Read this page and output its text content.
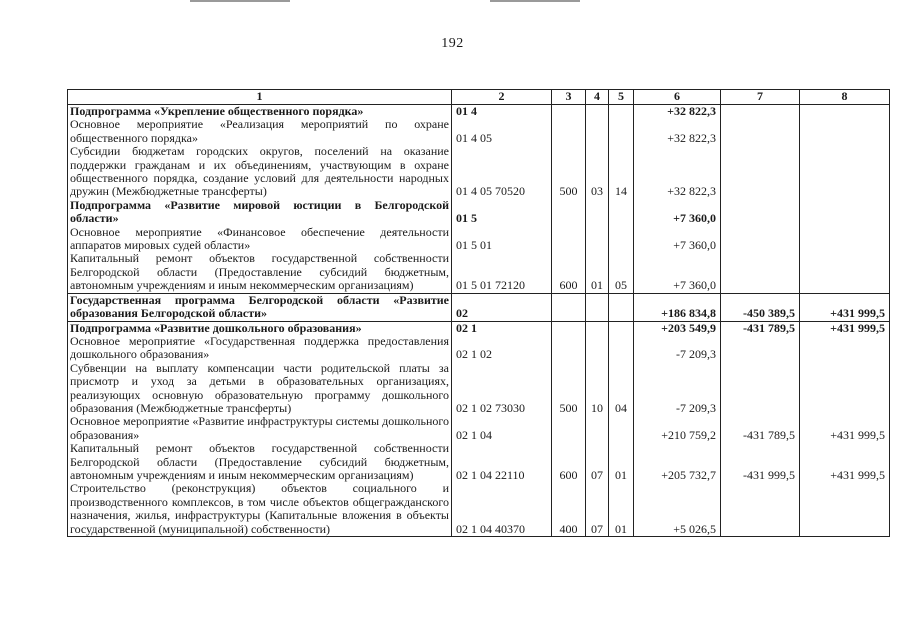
192
1	2	3	4	5	6	7	8
Подпрограмма «Укрепление общественного порядка»	01 4				+32 822,3		
Основное мероприятие «Реализация мероприятий по охране общественного порядка»	01 4 05				+32 822,3		
Субсидии бюджетам городских округов, поселений на оказание поддержки гражданам и их объединениям, участвующим в охране общественного порядка, создание условий для деятельности народных дружин (Межбюджетные трансферты)	01 4 05 70520	500	03	14	+32 822,3		
Подпрограмма «Развитие мировой юстиции в Белгородской области»	01 5				+7 360,0		
Основное мероприятие «Финансовое обеспечение деятельности аппаратов мировых судей области»	01 5 01				+7 360,0		
Капитальный ремонт объектов государственной собственности Белгородской области (Предоставление субсидий бюджетным, автономным учреждениям и иным некоммерческим организациям)	01 5 01 72120	600	01	05	+7 360,0		
Государственная программа Белгородской области «Развитие образования Белгородской области»	02				+186 834,8	-450 389,5	+431 999,5
Подпрограмма «Развитие дошкольного образования»	02 1				+203 549,9	-431 789,5	+431 999,5
Основное мероприятие «Государственная поддержка предоставления дошкольного образования»	02 1 02				-7 209,3		
Субвенции на выплату компенсации части родительской платы за присмотр и уход за детьми в образовательных организациях, реализующих основную образовательную программу дошкольного образования (Межбюджетные трансферты)	02 1 02 73030	500	10	04	-7 209,3		
Основное мероприятие «Развитие инфраструктуры системы дошкольного образования»	02 1 04				+210 759,2	-431 789,5	+431 999,5
Капитальный ремонт объектов государственной собственности Белгородской области (Предоставление субсидий бюджетным, автономным учреждениям и иным некоммерческим организациям)	02 1 04 22110	600	07	01	+205 732,7	-431 999,5	+431 999,5
Строительство (реконструкция) объектов социального и производственного комплексов, в том числе объектов общегражданского назначения, жилья, инфраструктуры (Капитальные вложения в объекты государственной (муниципальной) собственности)	02 1 04 40370	400	07	01	+5 026,5		
